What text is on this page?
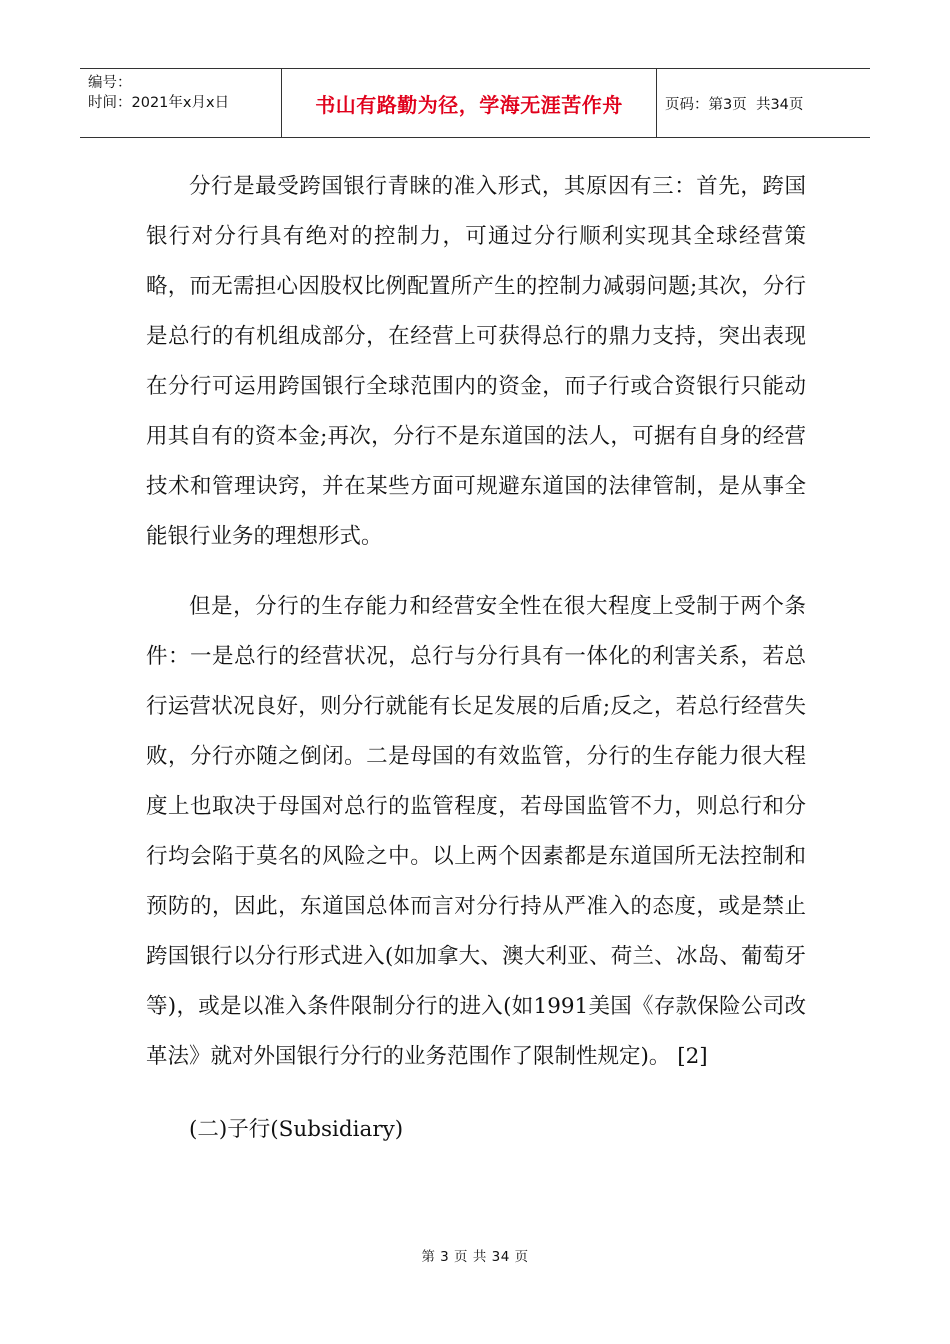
编号：
时间：2021年x月x日	书山有路勤为径，学海无涯苦作舟	页码：第3页  共34页

分行是最受跨国银行青睐的准入形式，其原因有三：首先，跨国银行对分行具有绝对的控制力，可通过分行顺利实现其全球经营策略，而无需担心因股权比例配置所产生的控制力减弱问题;其次，分行是总行的有机组成部分，在经营上可获得总行的鼎力支持，突出表现在分行可运用跨国银行全球范围内的资金，而子行或合资银行只能动用其自有的资本金;再次，分行不是东道国的法人，可据有自身的经营技术和管理诀窍，并在某些方面可规避东道国的法律管制，是从事全能银行业务的理想形式。

但是，分行的生存能力和经营安全性在很大程度上受制于两个条件：一是总行的经营状况，总行与分行具有一体化的利害关系，若总行运营状况良好，则分行就能有长足发展的后盾;反之，若总行经营失败，分行亦随之倒闭。二是母国的有效监管，分行的生存能力很大程度上也取决于母国对总行的监管程度，若母国监管不力，则总行和分行均会陷于莫名的风险之中。以上两个因素都是东道国所无法控制和预防的，因此，东道国总体而言对分行持从严准入的态度，或是禁止跨国银行以分行形式进入(如加拿大、澳大利亚、荷兰、冰岛、葡萄牙等)，或是以准入条件限制分行的进入(如1991美国《存款保险公司改革法》就对外国银行分行的业务范围作了限制性规定)。 [2]

(二)子行(Subsidiary)

第 3 页 共 34 页
